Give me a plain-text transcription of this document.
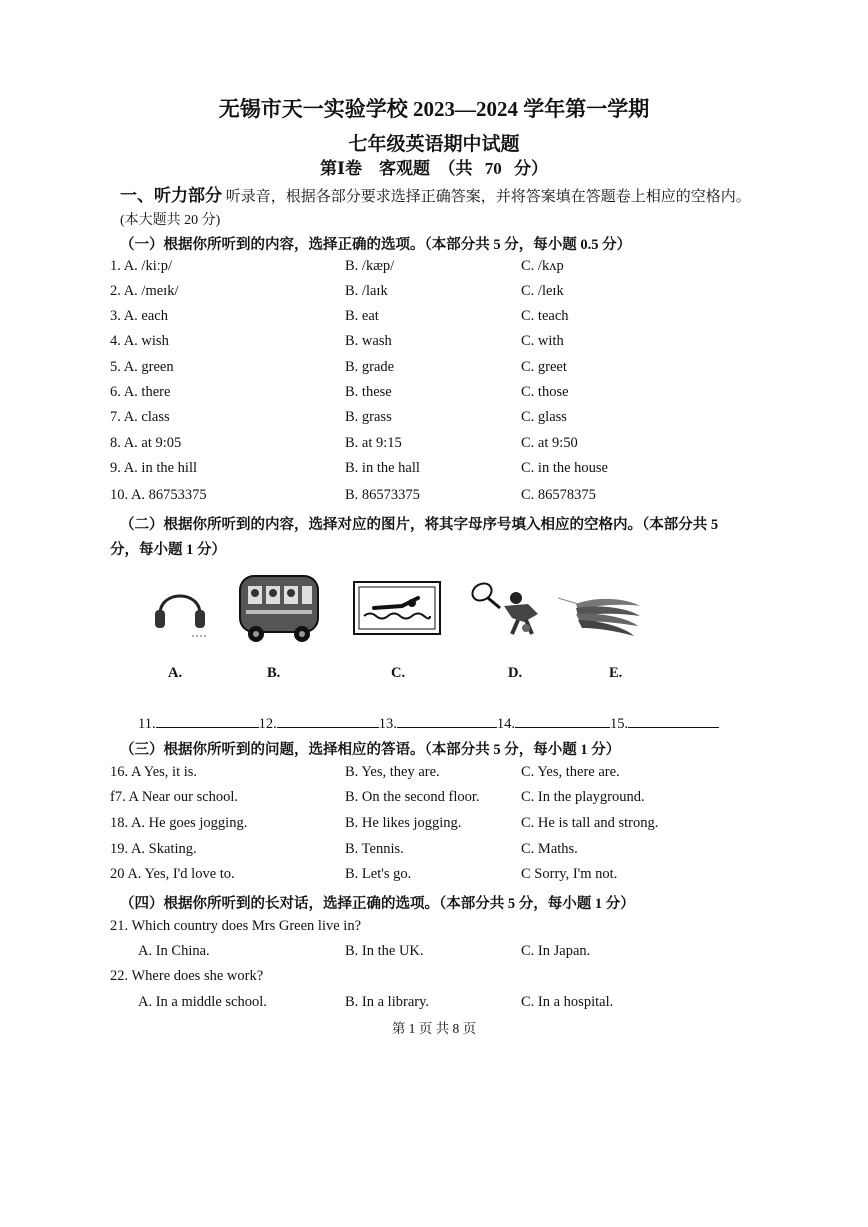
无锡市天一实验学校 2023—2024 学年第一学期
七年级英语期中试题
第Ⅰ卷　客观题　（共 70 分）
一、听力部分 听录音，根据各部分要求选择正确答案，并将答案填在答题卷上相应的空格内。
(本大题共 20 分)
（一）根据你所听到的内容，选择正确的选项。（本部分共 5 分，每小题 0.5 分）
1. A. /kiːp/	B. /kæp/	C. /kʌp
2. A. /meɪk/	B. /laɪk	C. /leɪk
3. A. each	B. eat	C. teach
4. A. wish	B. wash	C. with
5. A. green	B. grade	C. greet
6. A. there	B. these	C. those
7. A. class	B. grass	C. glass
8. A. at 9:05	B. at 9:15	C. at 9:50
9. A. in the hill	B. in the hall	C. in the house
10. A. 86753375	B. 86573375	C. 86578375
（二）根据你所听到的内容，选择对应的图片，将其字母序号填入相应的空格内。（本部分共 5
分，每小题 1 分）
A.	B.	C.	D.	E.
11.	12.	13.	14.	15.
（三）根据你所听到的问题，选择相应的答语。（本部分共 5 分，每小题 1 分）
16. A Yes, it is.	B. Yes, they are.	C. Yes, there are.
f7. A Near our school.	B. On the second floor.	C. In the playground.
18. A. He goes jogging.	B. He likes jogging.	C. He is tall and strong.
19. A. Skating.	B. Tennis.	C. Maths.
20 A. Yes, I'd love to.	B. Let's go.	C Sorry, I'm not.
（四）根据你所听到的长对话，选择正确的选项。（本部分共 5 分，每小题 1 分）
21. Which country does Mrs Green live in?
A. In China.	B. In the UK.	C. In Japan.
22. Where does she work?
A. In a middle school.	B. In a library.	C. In a hospital.
第 1 页 共 8 页
